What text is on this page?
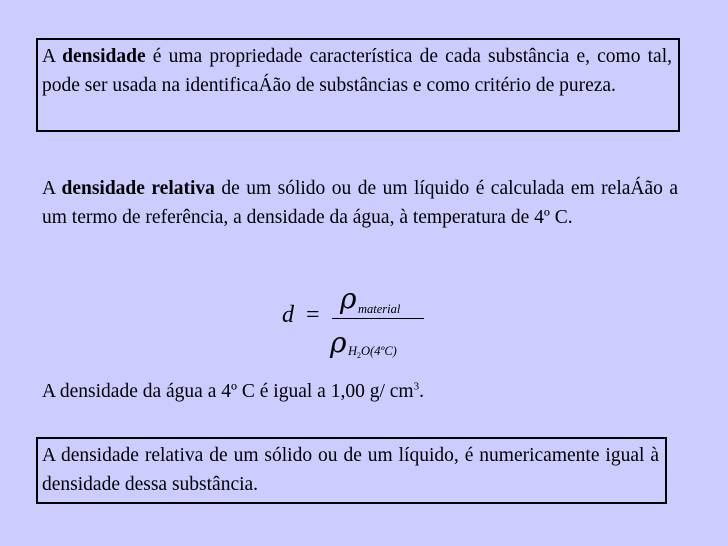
A densidade é uma propriedade característica de cada substância e, como tal, pode ser usada na identificaÁão de substâncias e como critério de pureza.
A densidade relativa de um sólido ou de um líquido é calculada em relaÁão a um termo de referência, a densidade da água, à temperatura de 4º C.
d = ρ material
ρ $H_2O(4ºC)$
A densidade da água a 4º C é igual a 1,00 g/ $cm^3$.
A densidade relativa de um sólido ou de um líquido, é numericamente igual à densidade dessa substância.
